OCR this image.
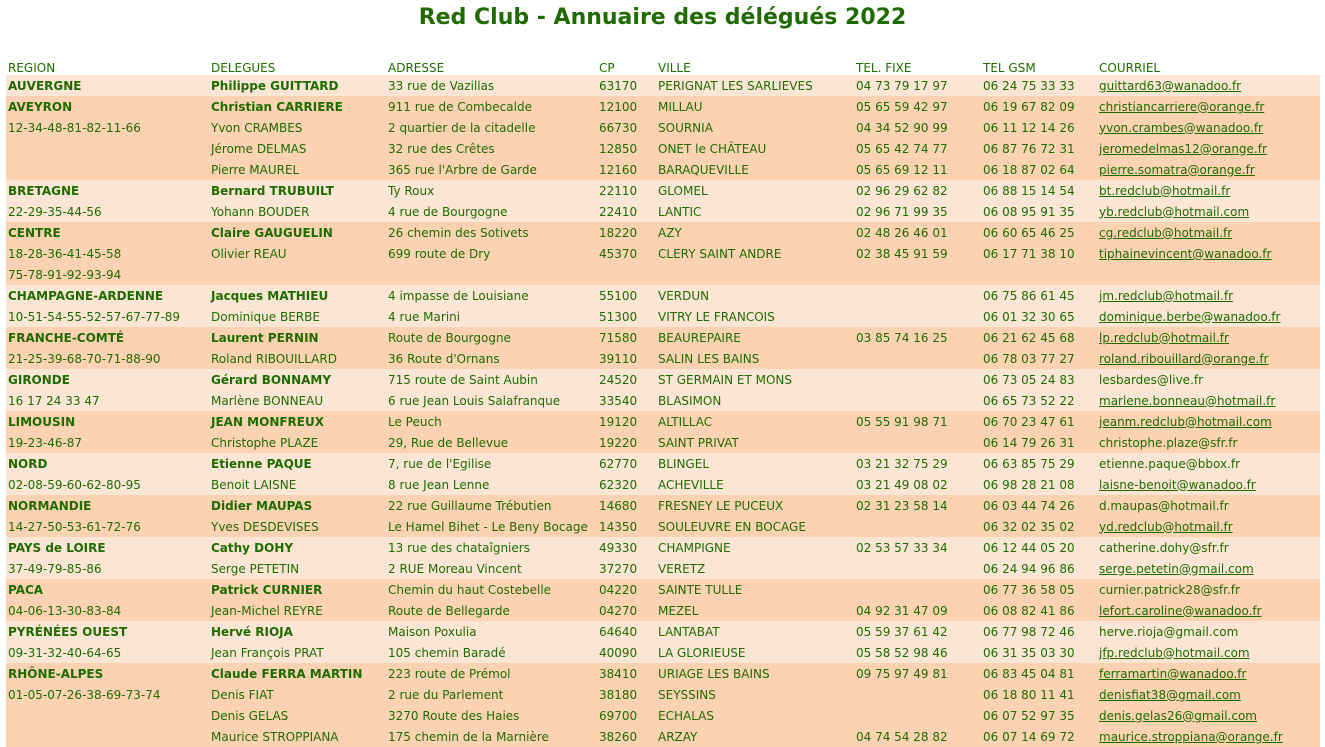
Red Club - Annuaire des délégués 2022
REGION	DELEGUES	ADRESSE	CP	VILLE	TEL. FIXE	TEL GSM	COURRIEL
AUVERGNE	Philippe GUITTARD	33 rue de Vazillas	63170	PERIGNAT LES SARLIEVES	04 73 79 17 97	06 24 75 33 33	guittard63@wanadoo.fr
AVEYRON	Christian CARRIERE	911 rue de Combecalde	12100	MILLAU	05 65 59 42 97	06 19 67 82 09	christiancarriere@orange.fr
12-34-48-81-82-11-66	Yvon CRAMBES	2 quartier de la citadelle	66730	SOURNIA	04 34 52 90 99	06 11 12 14 26	yvon.crambes@wanadoo.fr
	Jérome DELMAS	32 rue des Crêtes	12850	ONET le CHÂTEAU	05 65 42 74 77	06 87 76 72 31	jeromedelmas12@orange.fr
	Pierre MAUREL	365 rue l'Arbre de Garde	12160	BARAQUEVILLE	05 65 69 12 11	06 18 87 02 64	pierre.somatra@orange.fr
BRETAGNE	Bernard TRUBUILT	Ty Roux	22110	GLOMEL	02 96 29 62 82	06 88 15 14 54	bt.redclub@hotmail.fr
22-29-35-44-56	Yohann BOUDER	4 rue de Bourgogne	22410	LANTIC	02 96 71 99 35	06 08 95 91 35	yb.redclub@hotmail.com
CENTRE	Claire GAUGUELIN	26 chemin des Sotivets	18220	AZY	02 48 26 46 01	06 60 65 46 25	cg.redclub@hotmail.fr
18-28-36-41-45-58	Olivier REAU	699 route de Dry	45370	CLERY SAINT ANDRE	02 38 45 91 59	06 17 71 38 10	tiphainevincent@wanadoo.fr
75-78-91-92-93-94							
CHAMPAGNE-ARDENNE	Jacques MATHIEU	4 impasse de Louisiane	55100	VERDUN		06 75 86 61 45	jm.redclub@hotmail.fr
10-51-54-55-52-57-67-77-89	Dominique BERBE	4 rue Marini	51300	VITRY LE FRANCOIS		06 01 32 30 65	dominique.berbe@wanadoo.fr
FRANCHE-COMTÉ	Laurent PERNIN	Route de Bourgogne	71580	BEAUREPAIRE	03 85 74 16 25	06 21 62 45 68	lp.redclub@hotmail.fr
21-25-39-68-70-71-88-90	Roland RIBOUILLARD	36 Route d'Ornans	39110	SALIN LES BAINS		06 78 03 77 27	roland.ribouillard@orange.fr
GIRONDE	Gérard BONNAMY	715 route de Saint Aubin	24520	ST GERMAIN ET MONS		06 73 05 24 83	lesbardes@live.fr
16 17 24 33 47	Marlène BONNEAU	6 rue Jean Louis Salafranque	33540	BLASIMON		06 65 73 52 22	marlene.bonneau@hotmail.fr
LIMOUSIN	JEAN MONFREUX	Le Peuch	19120	ALTILLAC	05 55 91 98 71	06 70 23 47 61	jeanm.redclub@hotmail.com
19-23-46-87	Christophe PLAZE	29, Rue de Bellevue	19220	SAINT PRIVAT		06 14 79 26 31	christophe.plaze@sfr.fr
NORD	Etienne PAQUE	7, rue de l'Egilise	62770	BLINGEL	03 21 32 75 29	06 63 85 75 29	etienne.paque@bbox.fr
02-08-59-60-62-80-95	Benoit LAISNE	8 rue Jean Lenne	62320	ACHEVILLE	03 21 49 08 02	06 98 28 21 08	laisne-benoit@wanadoo.fr
NORMANDIE	Didier MAUPAS	22 rue Guillaume Trébutien	14680	FRESNEY LE PUCEUX	02 31 23 58 14	06 03 44 74 26	d.maupas@hotmail.fr
14-27-50-53-61-72-76	Yves DESDEVISES	Le Hamel Bihet - Le Beny Bocage	14350	SOULEUVRE EN BOCAGE		06 32 02 35 02	yd.redclub@hotmail.fr
PAYS de LOIRE	Cathy DOHY	13 rue des chataîgniers	49330	CHAMPIGNE	02 53 57 33 34	06 12 44 05 20	catherine.dohy@sfr.fr
37-49-79-85-86	Serge PETETIN	2 RUE Moreau Vincent	37270	VERETZ		06 24 94 96 86	serge.petetin@gmail.com
PACA	Patrick CURNIER	Chemin du haut Costebelle	04220	SAINTE TULLE		06 77 36 58 05	curnier.patrick28@sfr.fr
04-06-13-30-83-84	Jean-Michel REYRE	Route de Bellegarde	04270	MEZEL	04 92 31 47 09	06 08 82 41 86	lefort.caroline@wanadoo.fr
PYRÉNÉES OUEST	Hervé RIOJA	Maison Poxulia	64640	LANTABAT	05 59 37 61 42	06 77 98 72 46	herve.rioja@gmail.com
09-31-32-40-64-65	Jean François PRAT	105 chemin Baradé	40090	LA GLORIEUSE	05 58 52 98 46	06 31 35 03 30	jfp.redclub@hotmail.com
RHÔNE-ALPES	Claude FERRA MARTIN	223 route de Prémol	38410	URIAGE LES BAINS	09 75 97 49 81	06 83 45 04 81	ferramartin@wanadoo.fr
01-05-07-26-38-69-73-74	Denis FIAT	2 rue du Parlement	38180	SEYSSINS		06 18 80 11 41	denisfiat38@gmail.com
	Denis GELAS	3270 Route des Haies	69700	ECHALAS		06 07 52 97 35	denis.gelas26@gmail.com
	Maurice STROPPIANA	175 chemin de la Marnière	38260	ARZAY	04 74 54 28 82	06 07 14 69 72	maurice.stroppiana@orange.fr
